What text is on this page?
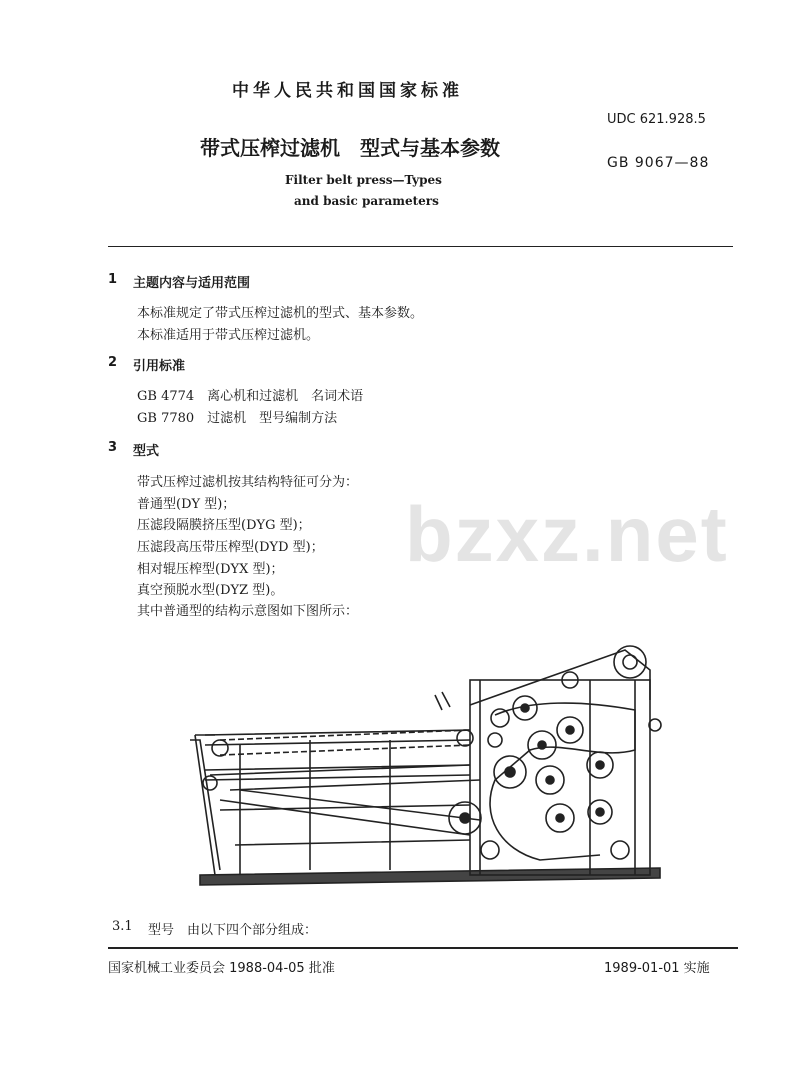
bzxz.net
中华人民共和国国家标准
UDC 621.928.5
带式压榨过滤机　型式与基本参数
GB 9067—88
Filter belt press—Types
and basic parameters
1 主题内容与适用范围
本标准规定了带式压榨过滤机的型式、基本参数。
本标准适用于带式压榨过滤机。
2 引用标准
GB 4774　离心机和过滤机　名词术语
GB 7780　过滤机　型号编制方法
3 型式
带式压榨过滤机按其结构特征可分为：
普通型(DY 型)；
压滤段隔膜挤压型(DYG 型)；
压滤段高压带压榨型(DYD 型)；
相对辊压榨型(DYX 型)；
真空预脱水型(DYZ 型)。
其中普通型的结构示意图如下图所示：
3.1 型号　由以下四个部分组成：
国家机械工业委员会 1988-04-05 批准	1989-01-01 实施
